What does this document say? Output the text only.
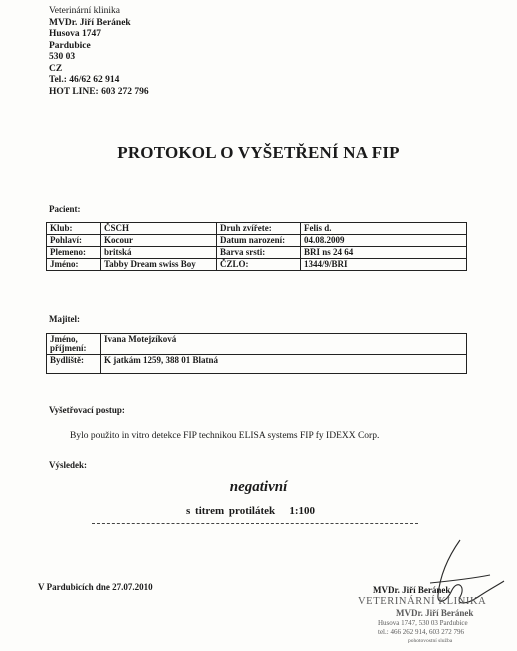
Veterinární klinika
MVDr. Jiří Beránek
Husova 1747
Pardubice
530 03
CZ
Tel.: 46/62 62 914
HOT LINE: 603 272 796
PROTOKOL O VYŠETŘENÍ NA FIP
Pacient:
Klub:	ČSCH	Druh zvířete:	Felis d.
Pohlaví:	Kocour	Datum narození:	04.08.2009
Plemeno:	britská	Barva srsti:	BRI ns 24 64
Jméno:	Tabby Dream swiss Boy	ČZLO:	1344/9/BRI
Majitel:
Jméno,
příjmení:	Ivana Motejzíková
Bydliště:	K jatkám 1259, 388 01 Blatná
Vyšetřovací postup:
Bylo použito in vitro detekce FIP technikou ELISA systems FIP fy IDEXX Corp.
Výsledek:
negativní
s titrem protilátek 1:100
V Pardubicích dne 27.07.2010	MVDr. Jiří Beránek
VETERINÁRNÍ KLINIKA
MVDr. Jiří Beránek
Husova 1747, 530 03 Pardubice
tel.: 466 262 914, 603 272 796
pohotovostní služba
